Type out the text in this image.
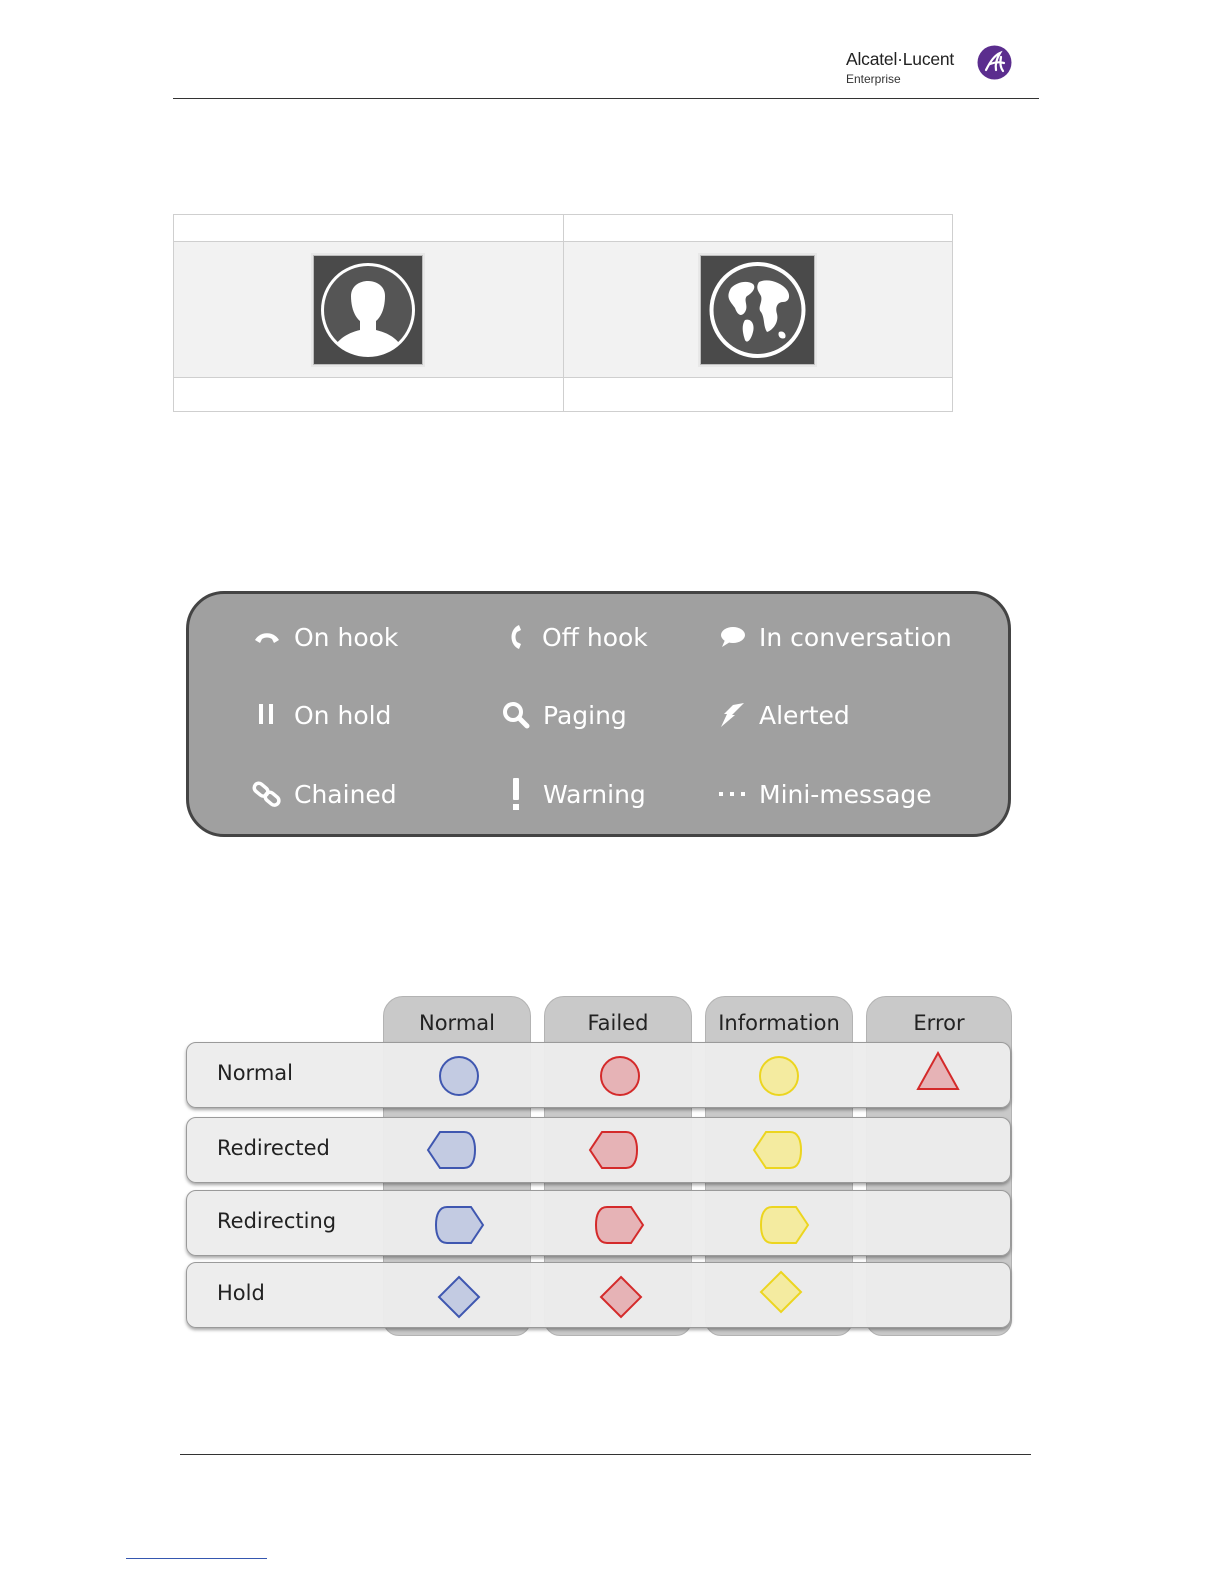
Alcatel·Lucent
Enterprise

On hook	Off hook	In conversation
On hold	Paging	Alerted
Chained	Warning	Mini-message
Normal	Failed	Information	Error
Normal
Redirected
Redirecting
Hold
